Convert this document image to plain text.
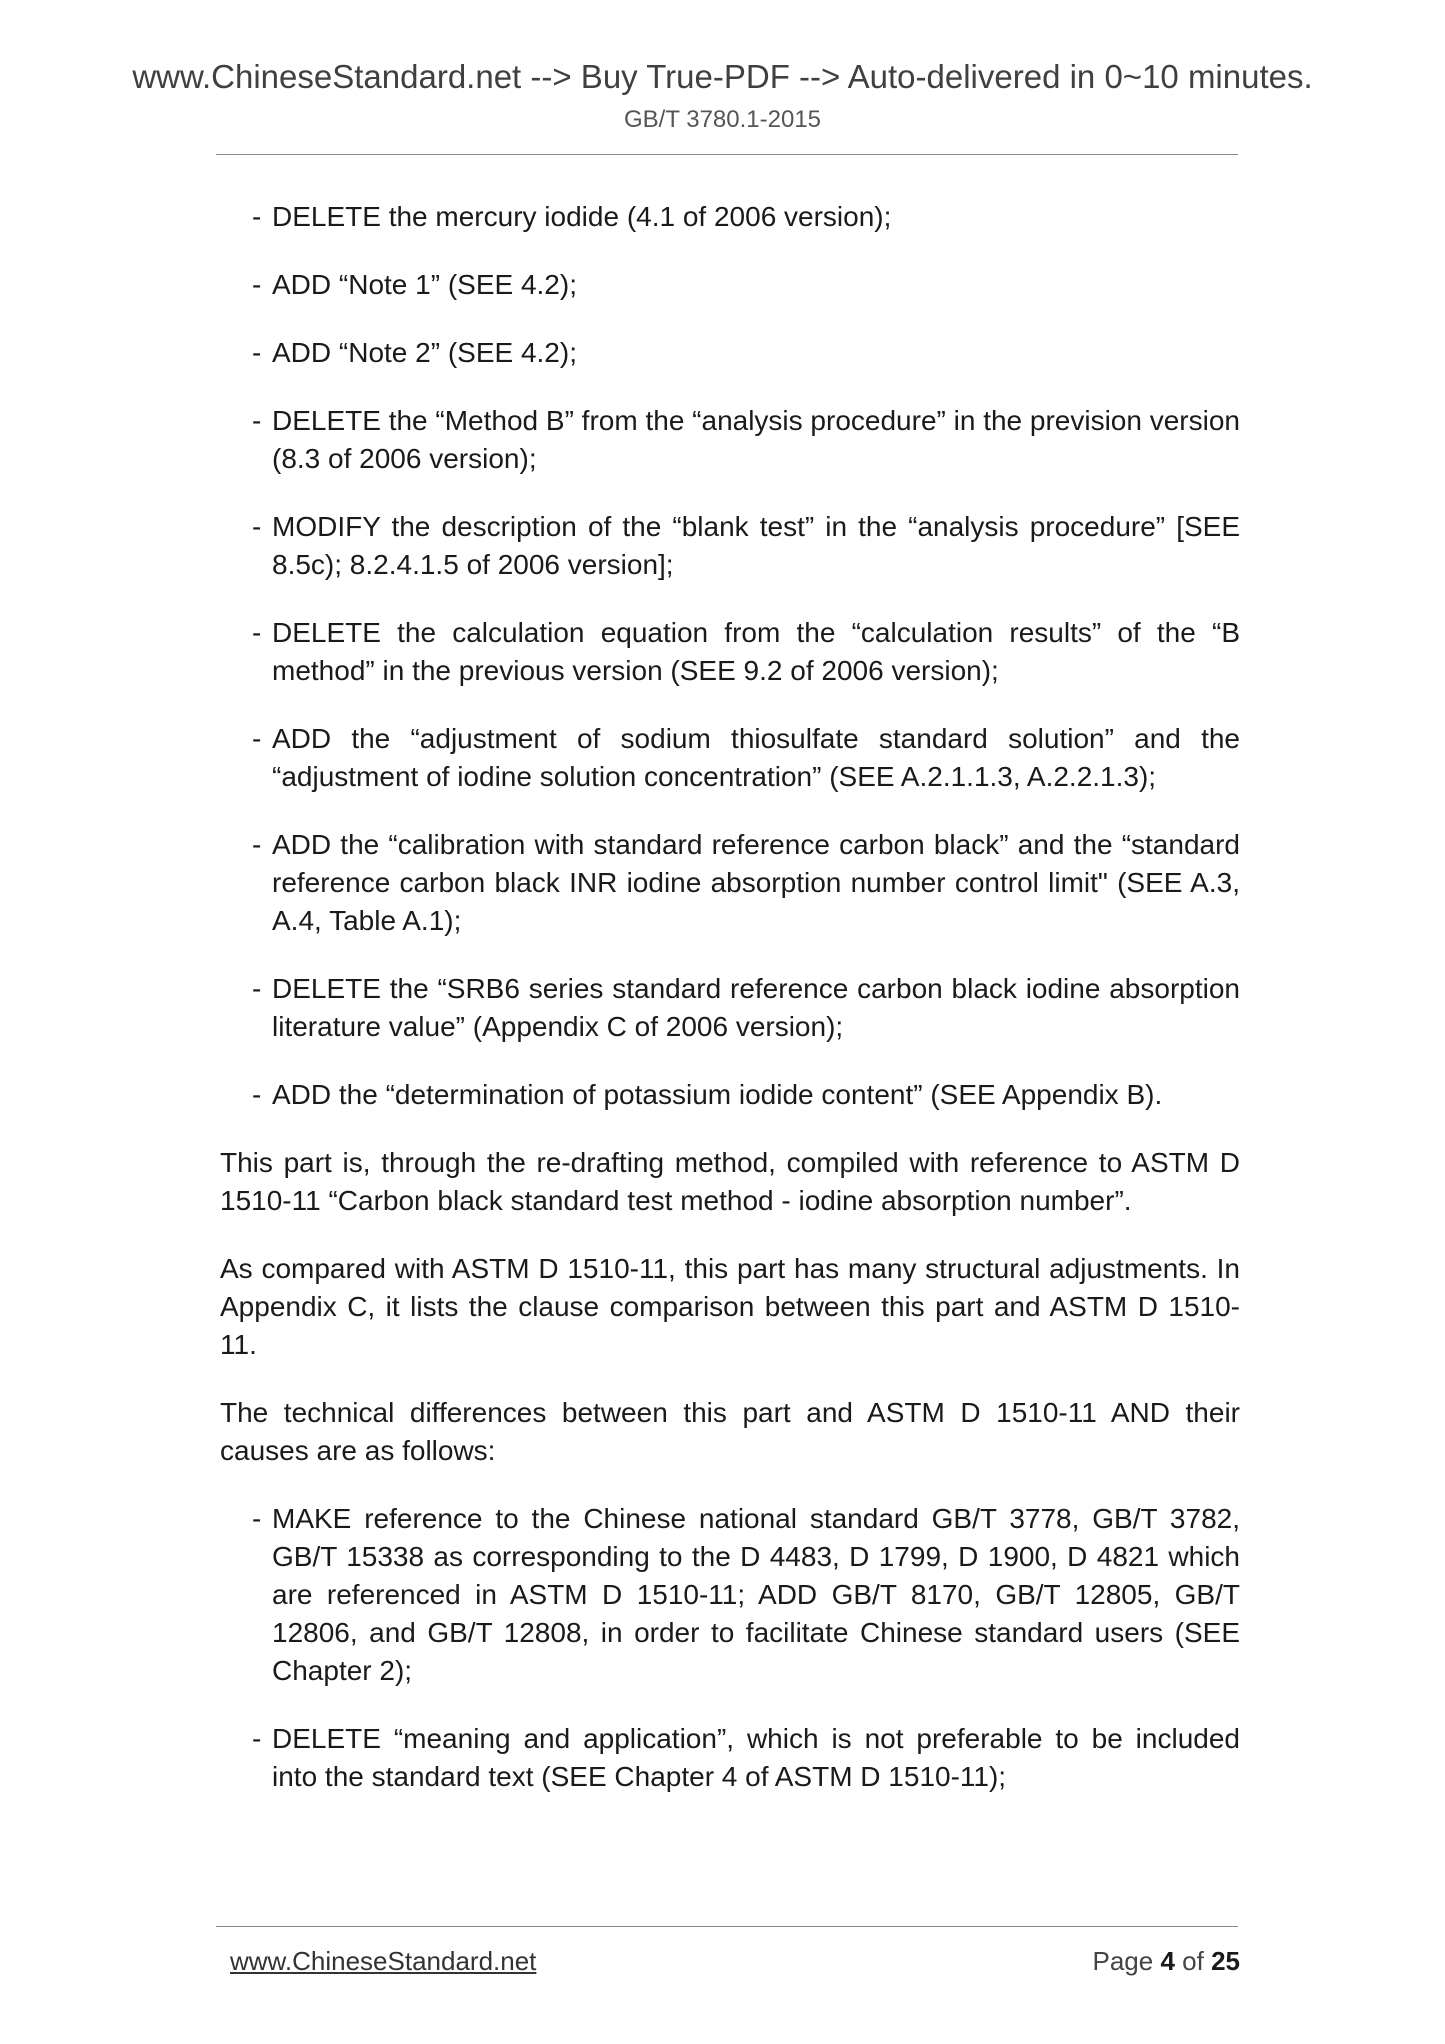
www.ChineseStandard.net --> Buy True-PDF --> Auto-delivered in 0~10 minutes.
GB/T 3780.1-2015
- DELETE the mercury iodide (4.1 of 2006 version);
- ADD “Note 1” (SEE 4.2);
- ADD “Note 2” (SEE 4.2);
- DELETE the “Method B” from the “analysis procedure” in the prevision version (8.3 of 2006 version);
- MODIFY the description of the “blank test” in the “analysis procedure” [SEE 8.5c); 8.2.4.1.5 of 2006 version];
- DELETE the calculation equation from the “calculation results” of the “B method” in the previous version (SEE 9.2 of 2006 version);
- ADD the “adjustment of sodium thiosulfate standard solution” and the “adjustment of iodine solution concentration” (SEE A.2.1.1.3, A.2.2.1.3);
- ADD the “calibration with standard reference carbon black” and the “standard reference carbon black INR iodine absorption number control limit" (SEE A.3, A.4, Table A.1);
- DELETE the “SRB6 series standard reference carbon black iodine absorption literature value” (Appendix C of 2006 version);
- ADD the “determination of potassium iodide content” (SEE Appendix B).

This part is, through the re-drafting method, compiled with reference to ASTM D 1510-11 “Carbon black standard test method - iodine absorption number”.

As compared with ASTM D 1510-11, this part has many structural adjustments. In Appendix C, it lists the clause comparison between this part and ASTM D 1510-11.

The technical differences between this part and ASTM D 1510-11 AND their causes are as follows:

- MAKE reference to the Chinese national standard GB/T 3778, GB/T 3782, GB/T 15338 as corresponding to the D 4483, D 1799, D 1900, D 4821 which are referenced in ASTM D 1510-11; ADD GB/T 8170, GB/T 12805, GB/T 12806, and GB/T 12808, in order to facilitate Chinese standard users (SEE Chapter 2);
- DELETE “meaning and application”, which is not preferable to be included into the standard text (SEE Chapter 4 of ASTM D 1510-11);
www.ChineseStandard.net	Page 4 of 25
